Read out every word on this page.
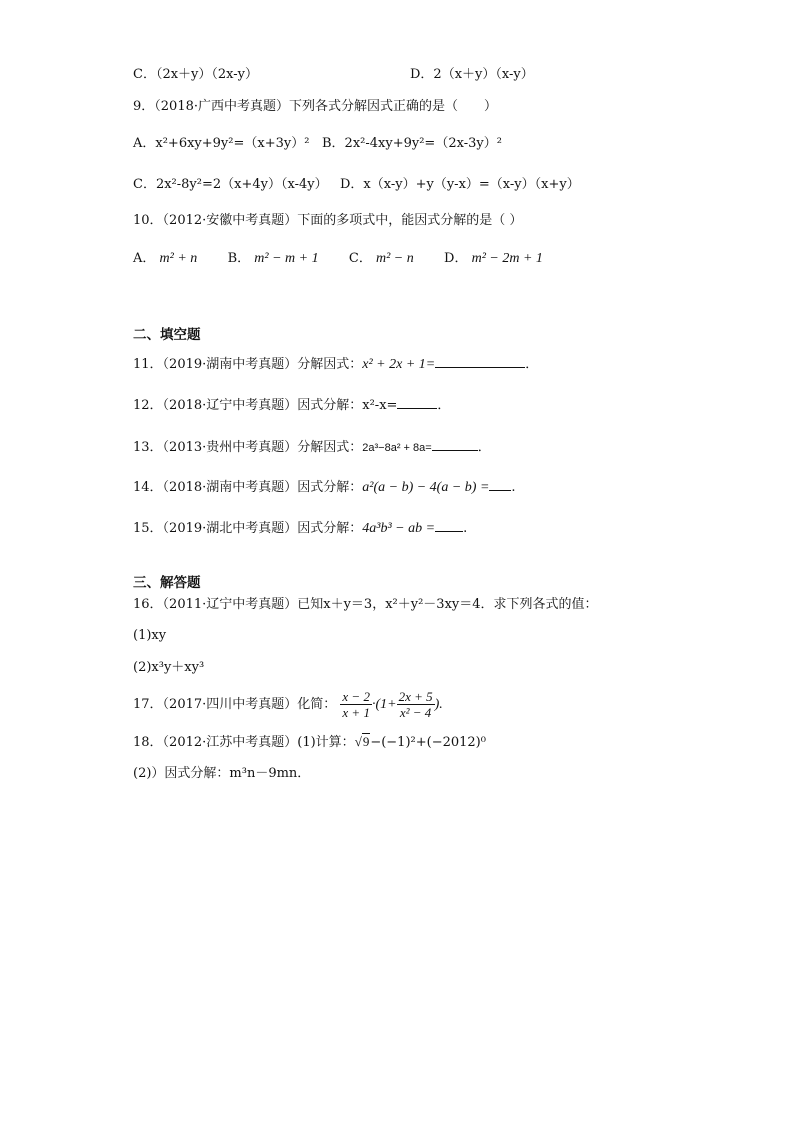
C．（2x＋y）（2x-y）	D．2（x＋y）（x-y）
9．（2018·广西中考真题）下列各式分解因式正确的是（　　）
A．x²+6xy+9y²=（x+3y）² B．2x²-4xy+9y²=（2x-3y）²
C．2x²-8y²=2（x+4y）（x-4y） D．x（x-y）+y（y-x）=（x-y）（x+y）
10．（2012·安徽中考真题）下面的多项式中，能因式分解的是（ ）
A． m² + n B． m² − m + 1 C． m² − n D． m² − 2m + 1
二、填空题
11．（2019·湖南中考真题）分解因式：x² + 2x + 1=	．
12．（2018·辽宁中考真题）因式分解：x²-x=	．
13．（2013·贵州中考真题）分解因式：2a³−8a² + 8a=	．
14．（2018·湖南中考真题）因式分解：a²(a − b) − 4(a − b) = .
15．（2019·湖北中考真题）因式分解：4a³b³ − ab = .
三、解答题
16．（2011·辽宁中考真题）已知x＋y＝3，x²＋y²－3xy＝4．求下列各式的值：
(1)xy
(2)x³y＋xy³
17．（2017·四川中考真题）化简： $\frac{x - 2}{x + 1} \cdot(1+ \frac{2x + 5}{\text{x² − 4}}$ ).
18．（2012·江苏中考真题）(1)计算：√9−(−1)²+(−2012)⁰
(2)）因式分解：m³n－9mn．
